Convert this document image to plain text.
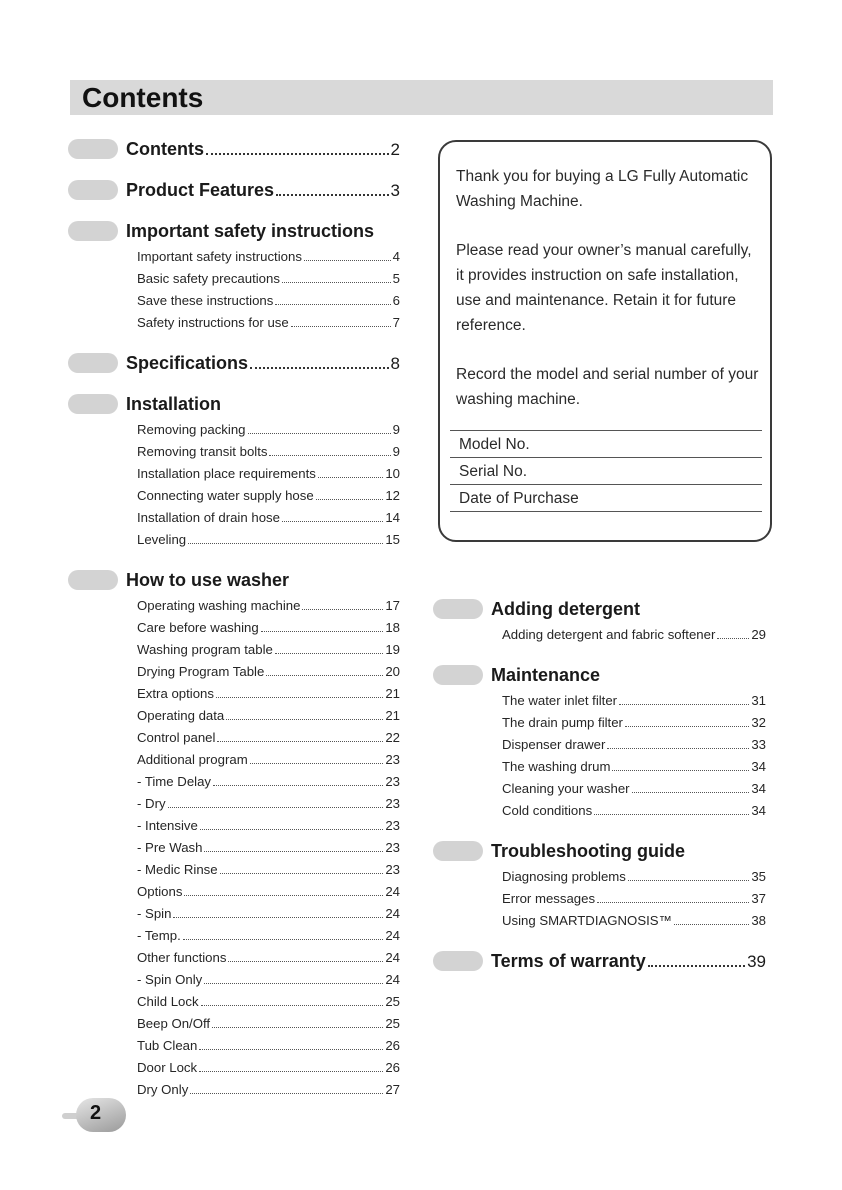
Contents
Contents	2
Product Features	3
Important safety instructions
Important safety instructions	4
Basic safety precautions	5
Save these instructions	6
Safety instructions for use	7
Specifications	8
Installation
Removing packing	9
Removing transit bolts	9
Installation place requirements	10
Connecting water supply hose	12
Installation of drain hose	14
Leveling	15
How to use washer
Operating washing machine	17
Care before washing	18
Washing program table	19
Drying Program Table	20
Extra options	21
Operating data	21
Control panel	22
Additional program	23
- Time Delay	23
- Dry	23
- Intensive	23
- Pre Wash	23
- Medic Rinse	23
Options	24
- Spin	24
- Temp.	24
Other functions	24
- Spin Only	24
Child Lock	25
Beep On/Off	25
Tub Clean	26
Door Lock	26
Dry Only	27
Adding detergent
Adding detergent and fabric softener	29
Maintenance
The water inlet filter	31
The drain pump filter	32
Dispenser drawer	33
The washing drum	34
Cleaning your washer	34
Cold conditions	34
Troubleshooting guide
Diagnosing problems	35
Error messages	37
Using SMARTDIAGNOSIS™	38
Terms of warranty	39

Thank you for buying a LG Fully Automatic Washing Machine.

Please read your owner’s manual carefully, it provides instruction on safe installation, use and maintenance. Retain it for future reference.

Record the model and serial number of your washing machine.

Model No.
Serial No.
Date of Purchase
2
